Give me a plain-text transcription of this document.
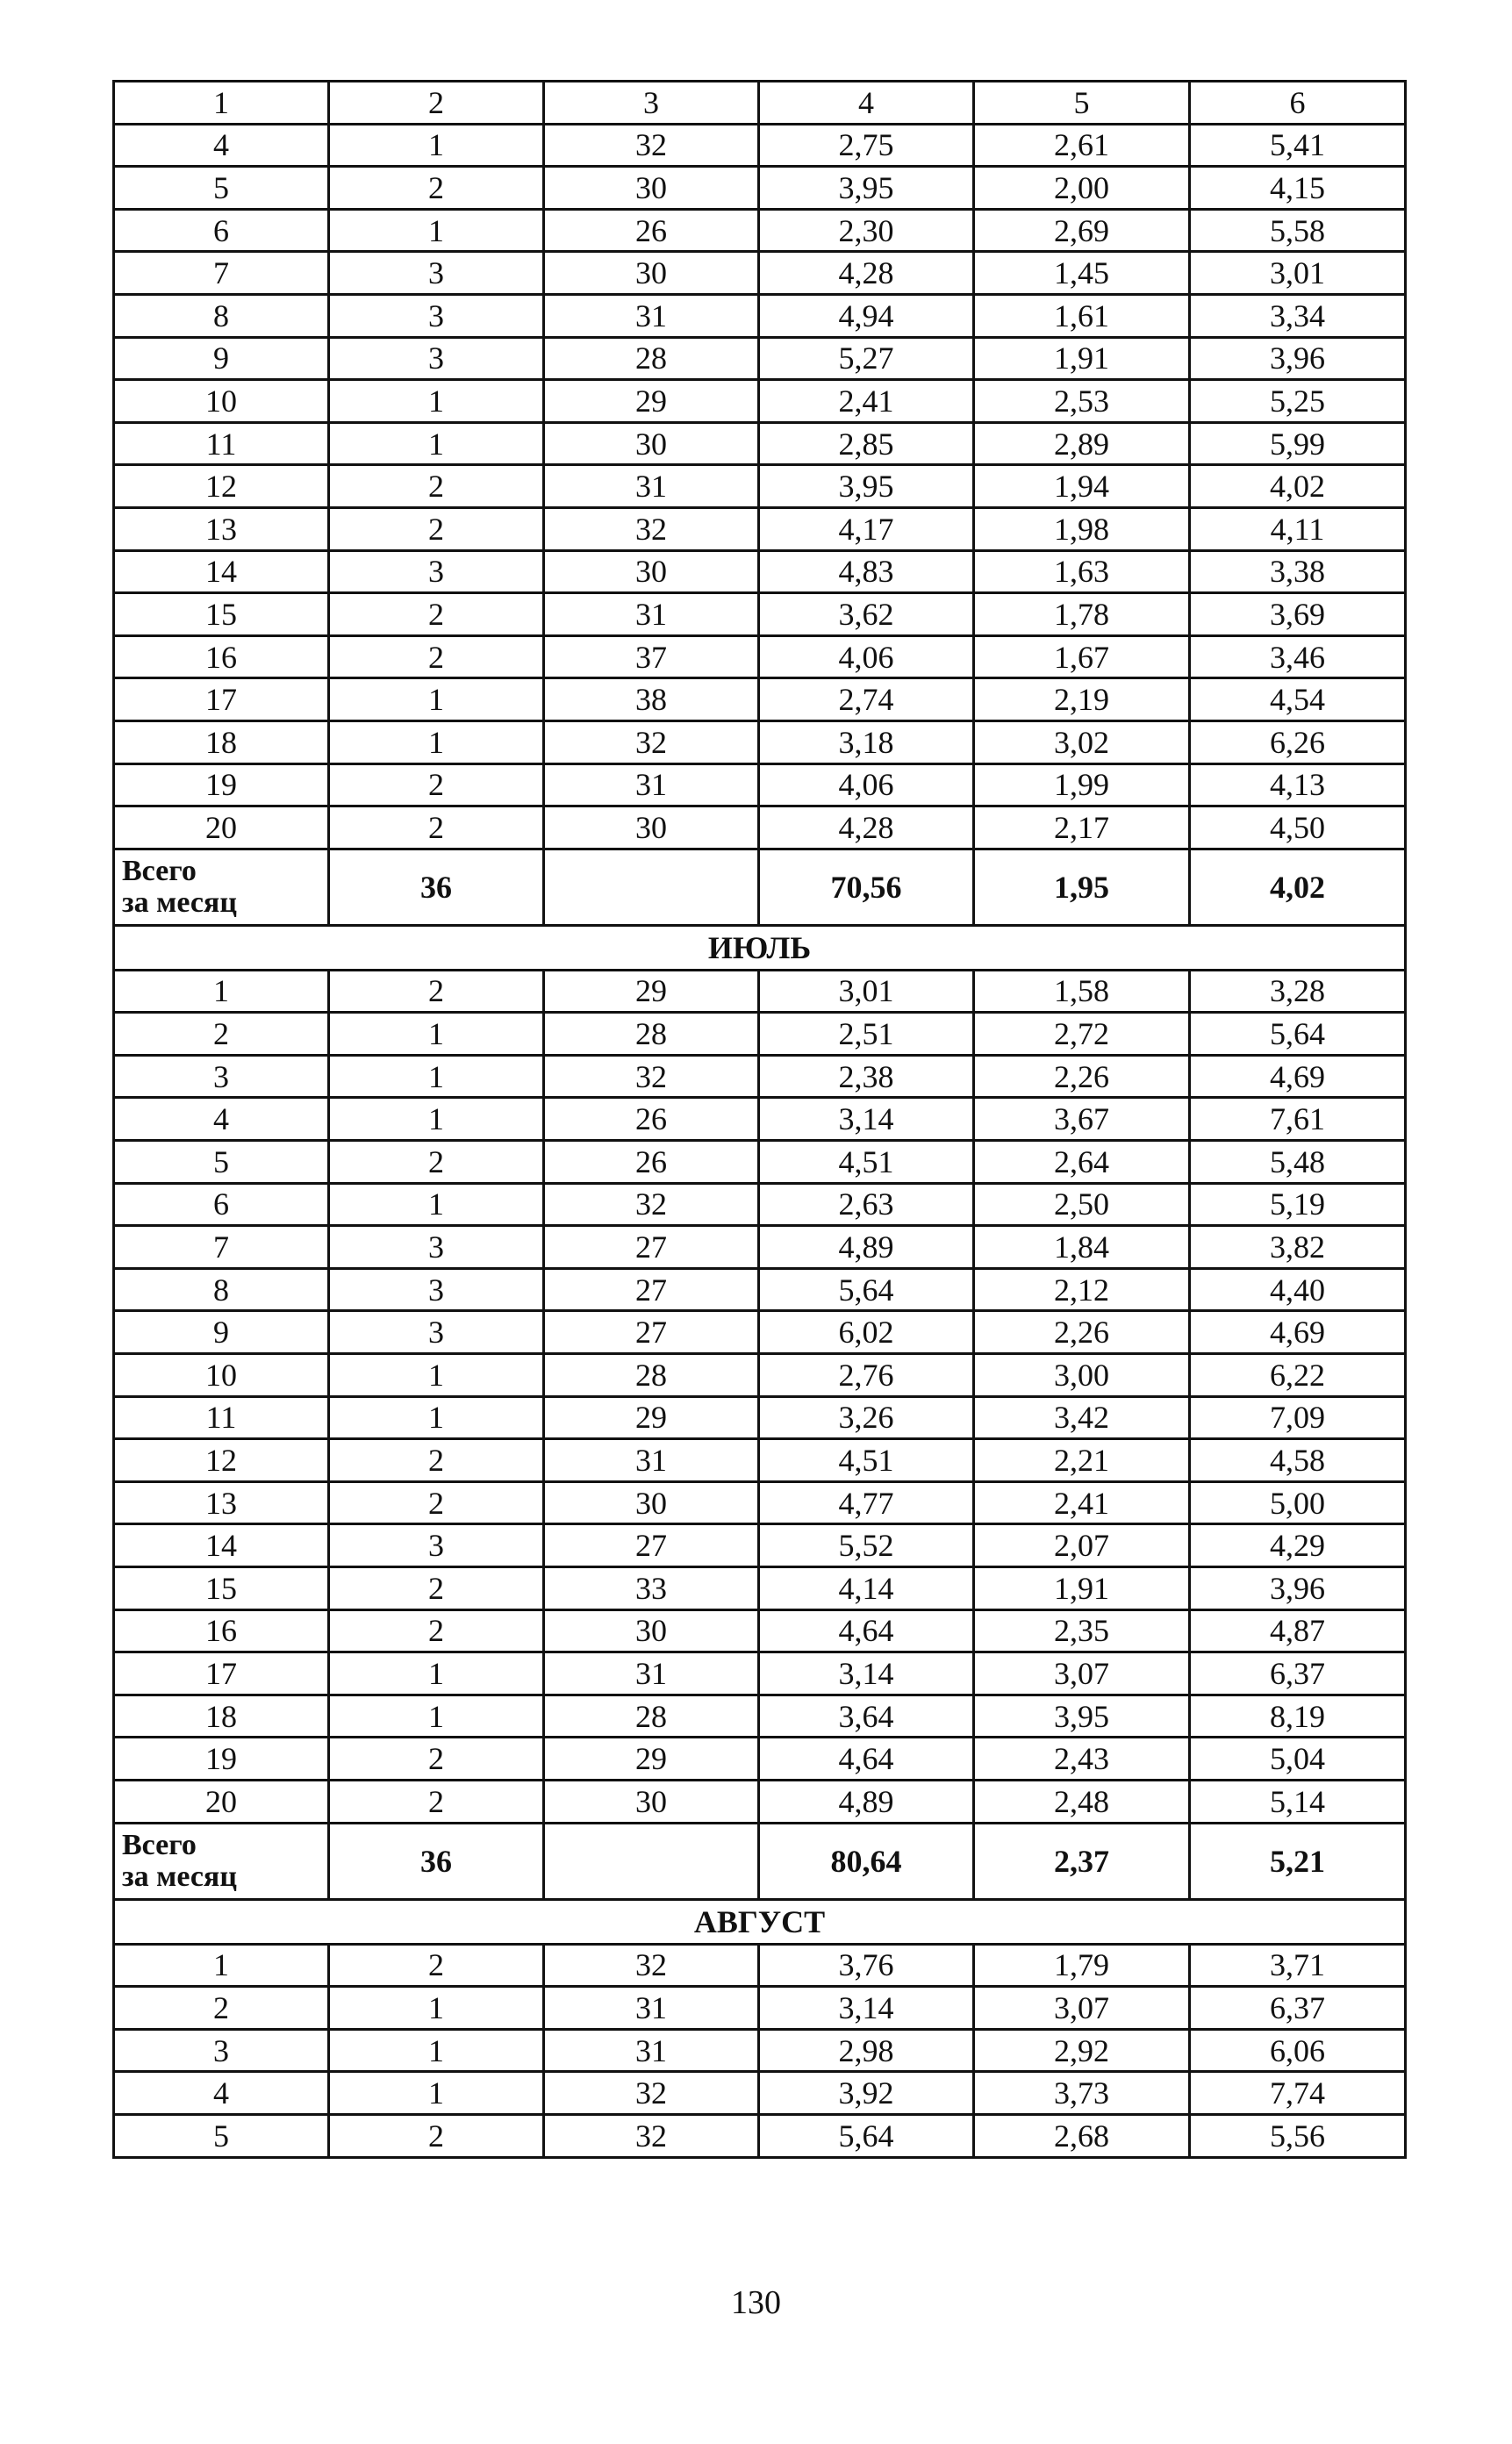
1	2	3	4	5	6
4	1	32	2,75	2,61	5,41
5	2	30	3,95	2,00	4,15
6	1	26	2,30	2,69	5,58
7	3	30	4,28	1,45	3,01
8	3	31	4,94	1,61	3,34
9	3	28	5,27	1,91	3,96
10	1	29	2,41	2,53	5,25
11	1	30	2,85	2,89	5,99
12	2	31	3,95	1,94	4,02
13	2	32	4,17	1,98	4,11
14	3	30	4,83	1,63	3,38
15	2	31	3,62	1,78	3,69
16	2	37	4,06	1,67	3,46
17	1	38	2,74	2,19	4,54
18	1	32	3,18	3,02	6,26
19	2	31	4,06	1,99	4,13
20	2	30	4,28	2,17	4,50

Всего
за месяц	36		70,56	1,95	4,02
ИЮЛЬ					
1	2	29	3,01	1,58	3,28
2	1	28	2,51	2,72	5,64
3	1	32	2,38	2,26	4,69
4	1	26	3,14	3,67	7,61
5	2	26	4,51	2,64	5,48
6	1	32	2,63	2,50	5,19
7	3	27	4,89	1,84	3,82
8	3	27	5,64	2,12	4,40
9	3	27	6,02	2,26	4,69
10	1	28	2,76	3,00	6,22
11	1	29	3,26	3,42	7,09
12	2	31	4,51	2,21	4,58
13	2	30	4,77	2,41	5,00
14	3	27	5,52	2,07	4,29
15	2	33	4,14	1,91	3,96
16	2	30	4,64	2,35	4,87
17	1	31	3,14	3,07	6,37
18	1	28	3,64	3,95	8,19
19	2	29	4,64	2,43	5,04
20	2	30	4,89	2,48	5,14

Всего
за месяц	36		80,64	2,37	5,21
АВГУСТ					
1	2	32	3,76	1,79	3,71
2	1	31	3,14	3,07	6,37
3	1	31	2,98	2,92	6,06
4	1	32	3,92	3,73	7,74
5	2	32	5,64	2,68	5,56
130
